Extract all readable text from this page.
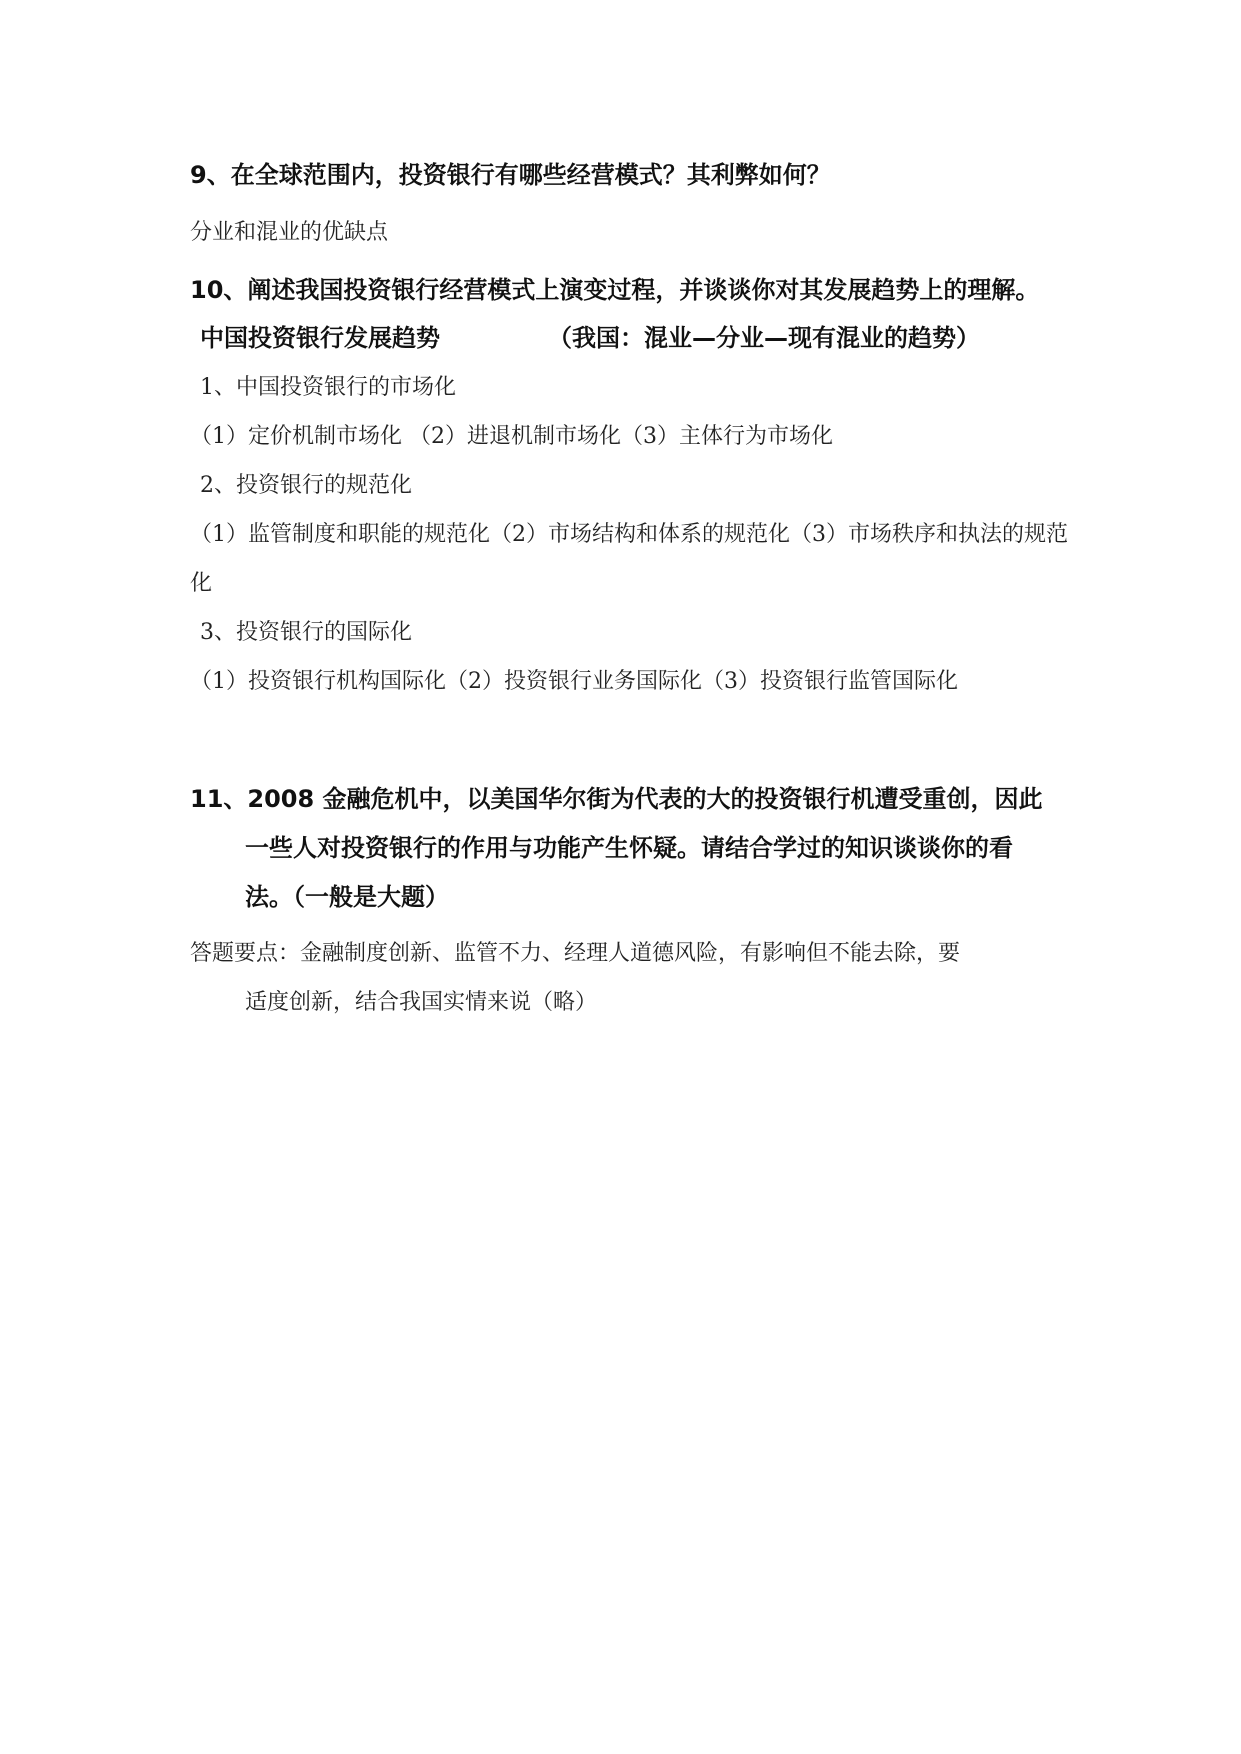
9、在全球范围内，投资银行有哪些经营模式？其利弊如何？
分业和混业的优缺点
10、阐述我国投资银行经营模式上演变过程，并谈谈你对其发展趋势上的理解。
中国投资银行发展趋势	（我国：混业—分业—现有混业的趋势）
1、中国投资银行的市场化
（1）定价机制市场化 （2）进退机制市场化（3）主体行为市场化
2、投资银行的规范化
（1）监管制度和职能的规范化（2）市场结构和体系的规范化（3）市场秩序和执法的规范
化
3、投资银行的国际化
（1）投资银行机构国际化（2）投资银行业务国际化（3）投资银行监管国际化
11、2008 金融危机中，以美国华尔街为代表的大的投资银行机遭受重创，因此
一些人对投资银行的作用与功能产生怀疑。请结合学过的知识谈谈你的看
法。（一般是大题）
答题要点：金融制度创新、监管不力、经理人道德风险，有影响但不能去除，要
适度创新，结合我国实情来说（略）
